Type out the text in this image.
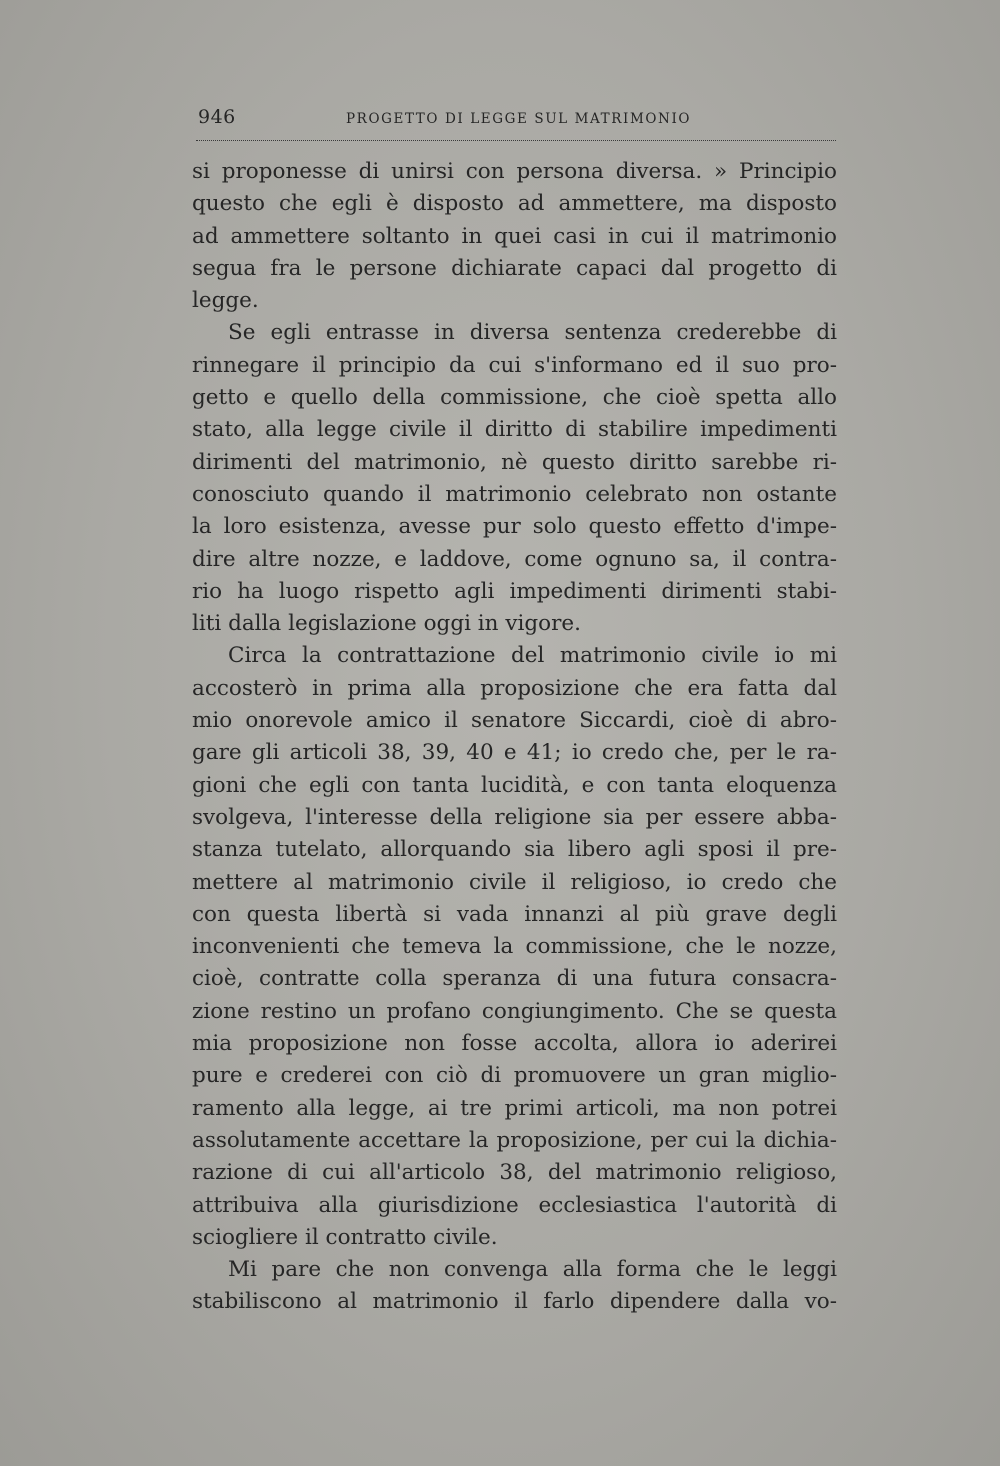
946	PROGETTO DI LEGGE SUL MATRIMONIO
si proponesse di unirsi con persona diversa. » Principio
questo che egli è disposto ad ammettere, ma disposto
ad ammettere soltanto in quei casi in cui il matrimonio
segua fra le persone dichiarate capaci dal progetto di
legge.
Se egli entrasse in diversa sentenza crederebbe di
rinnegare il principio da cui s'informano ed il suo pro-
getto e quello della commissione, che cioè spetta allo
stato, alla legge civile il diritto di stabilire impedimenti
dirimenti del matrimonio, nè questo diritto sarebbe ri-
conosciuto quando il matrimonio celebrato non ostante
la loro esistenza, avesse pur solo questo effetto d'impe-
dire altre nozze, e laddove, come ognuno sa, il contra-
rio ha luogo rispetto agli impedimenti dirimenti stabi-
liti dalla legislazione oggi in vigore.
Circa la contrattazione del matrimonio civile io mi
accosterò in prima alla proposizione che era fatta dal
mio onorevole amico il senatore Siccardi, cioè di abro-
gare gli articoli 38, 39, 40 e 41; io credo che, per le ra-
gioni che egli con tanta lucidità, e con tanta eloquenza
svolgeva, l'interesse della religione sia per essere abba-
stanza tutelato, allorquando sia libero agli sposi il pre-
mettere al matrimonio civile il religioso, io credo che
con questa libertà si vada innanzi al più grave degli
inconvenienti che temeva la commissione, che le nozze,
cioè, contratte colla speranza di una futura consacra-
zione restino un profano congiungimento. Che se questa
mia proposizione non fosse accolta, allora io aderirei
pure e crederei con ciò di promuovere un gran miglio-
ramento alla legge, ai tre primi articoli, ma non potrei
assolutamente accettare la proposizione, per cui la dichia-
razione di cui all'articolo 38, del matrimonio religioso,
attribuiva alla giurisdizione ecclesiastica l'autorità di
sciogliere il contratto civile.
Mi pare che non convenga alla forma che le leggi
stabiliscono al matrimonio il farlo dipendere dalla vo-
